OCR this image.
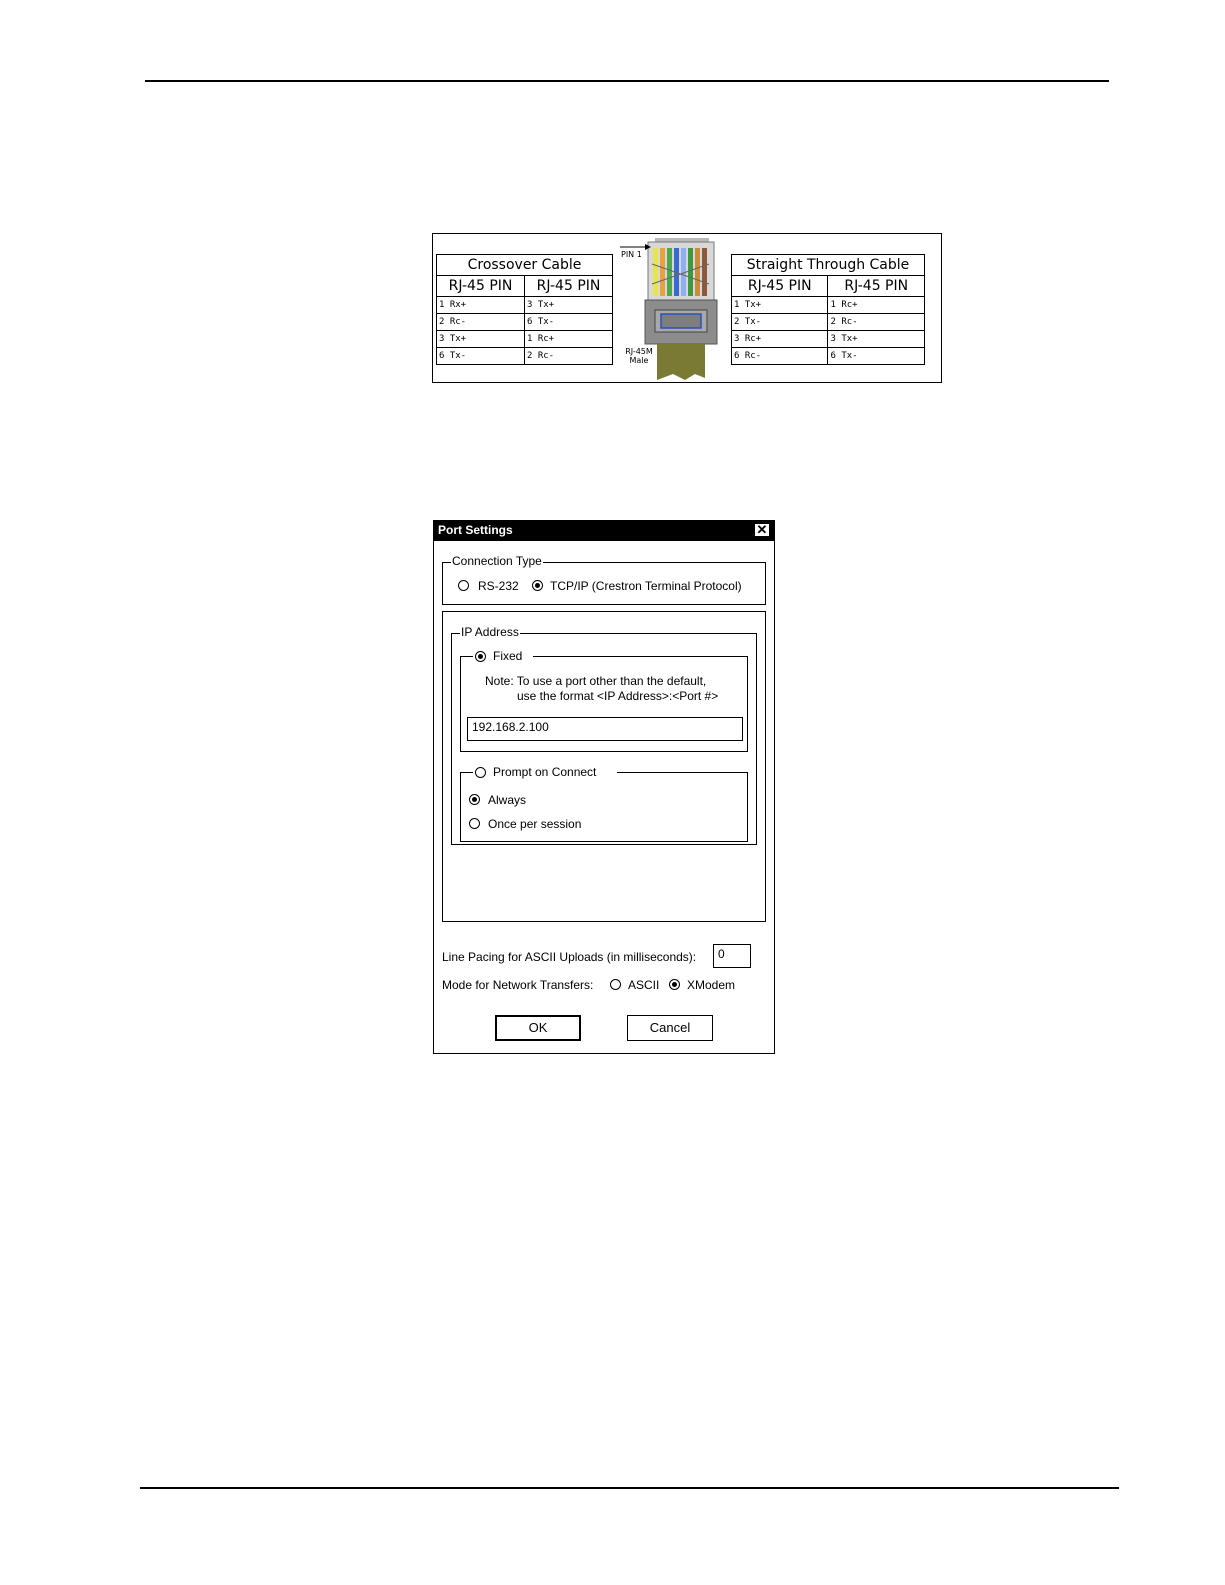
Crossover Cable	
RJ-45 PIN	RJ-45 PIN
1 Rx+	3 Tx+
2 Rc-	6 Tx-
3 Tx+	1 Rc+
6 Tx-	2 Rc-
PIN 1
RJ-45M
Male
Straight Through Cable	
RJ-45 PIN	RJ-45 PIN
1 Tx+	1 Rc+
2 Tx-	2 Rc-
3 Rc+	3 Tx+
6 Rc-	6 Tx-
Port Settings	✕
Connection Type
RS-232	TCP/IP (Crestron Terminal Protocol)
IP Address
Fixed
Note: To use a port other than the default,
use the format <IP Address>:<Port #>
192.168.2.100
Prompt on Connect
Always
Once per session
Line Pacing for ASCII Uploads (in milliseconds):	0
Mode for Network Transfers:	ASCII XModem
OK	Cancel
